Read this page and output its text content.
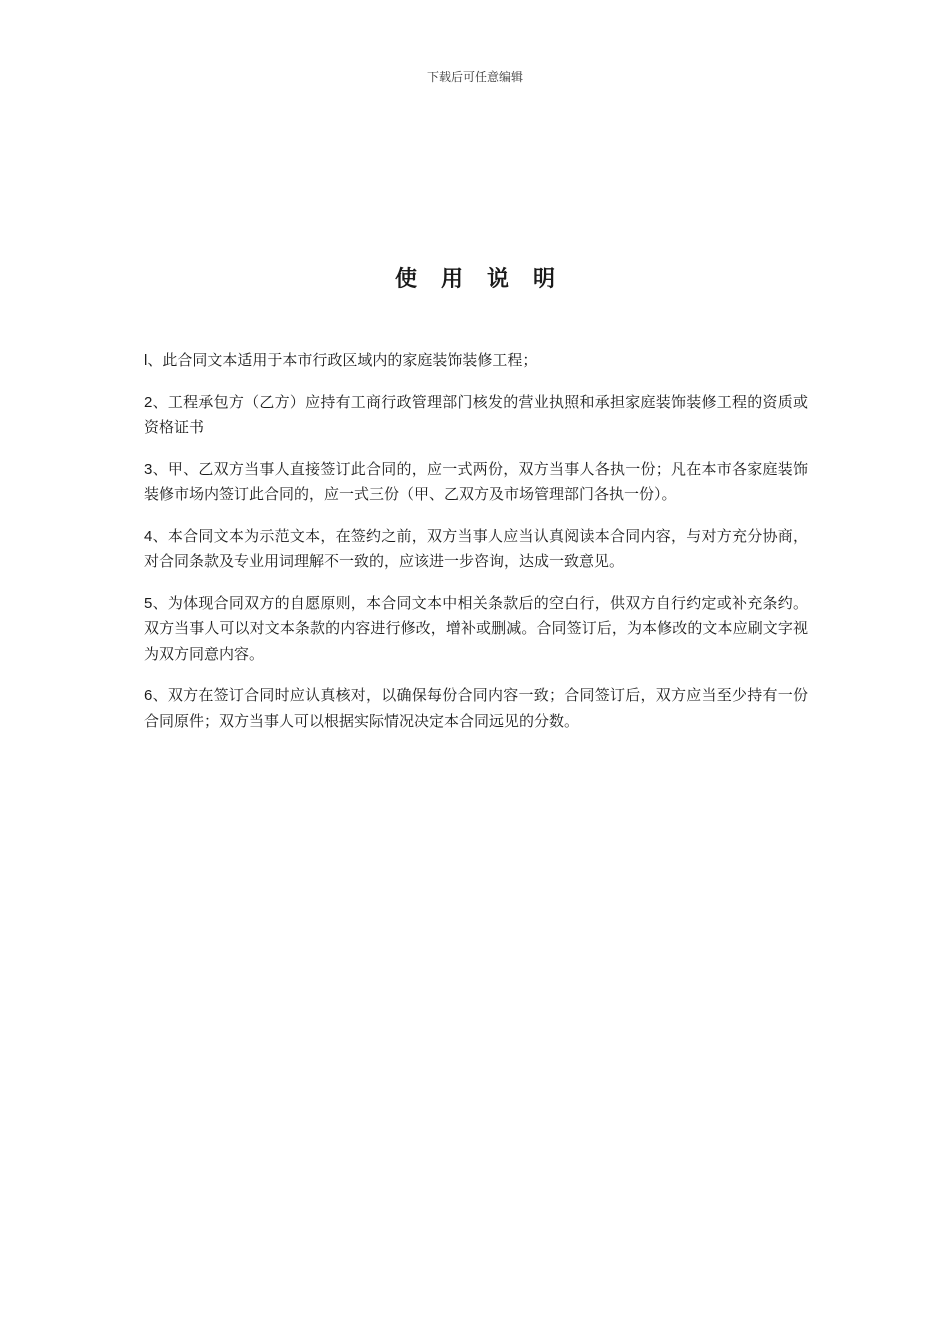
下载后可任意编辑
使用说明

l、此合同文本适用于本市行政区域内的家庭装饰装修工程；

2、工程承包方（乙方）应持有工商行政管理部门核发的营业执照和承担家庭装饰装修工程的资质或资格证书

3、甲、乙双方当事人直接签订此合同的，应一式两份，双方当事人各执一份；凡在本市各家庭装饰装修市场内签订此合同的，应一式三份（甲、乙双方及市场管理部门各执一份）。

4、本合同文本为示范文本，在签约之前，双方当事人应当认真阅读本合同内容，与对方充分协商，对合同条款及专业用词理解不一致的，应该进一步咨询，达成一致意见。

5、为体现合同双方的自愿原则，本合同文本中相关条款后的空白行，供双方自行约定或补充条约。双方当事人可以对文本条款的内容进行修改，增补或删减。合同签订后，为本修改的文本应刷文字视为双方同意内容。

6、双方在签订合同时应认真核对，以确保每份合同内容一致；合同签订后，双方应当至少持有一份合同原件；双方当事人可以根据实际情况决定本合同远见的分数。
